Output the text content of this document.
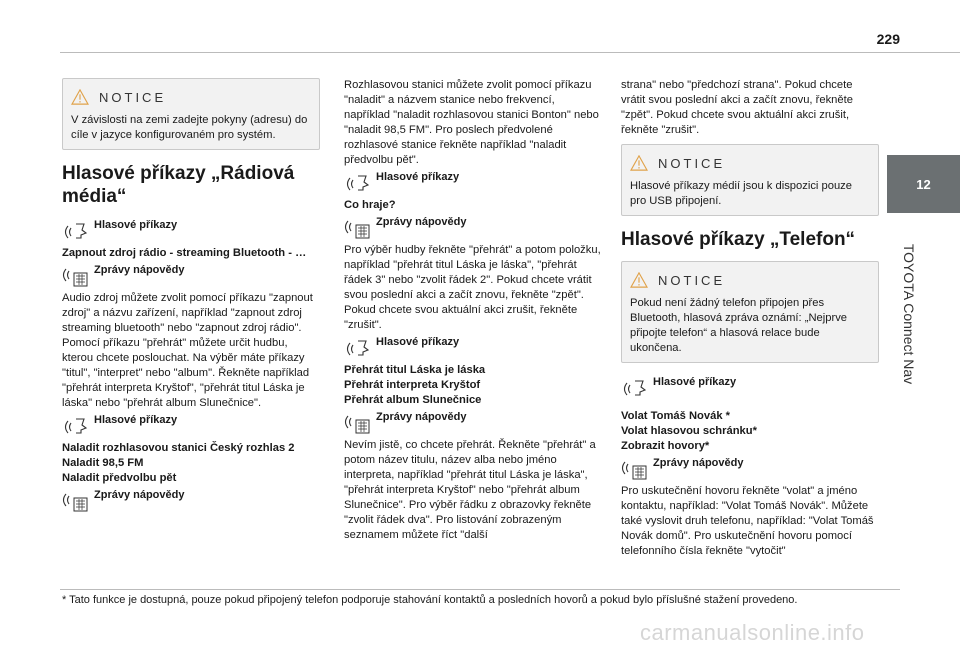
229
12
TOYOTA Connect Nav
NOTICE

V závislosti na zemi zadejte pokyny (adresu) do cíle v jazyce konfigurovaném pro systém.

Hlasové příkazy „Rádiová média“
Hlasové příkazy

Zapnout zdroj rádio - streaming Bluetooth - …

Zprávy nápovědy

Audio zdroj můžete zvolit pomocí příkazu "zapnout zdroj" a názvu zařízení, například "zapnout zdroj streaming bluetooth" nebo "zapnout zdroj rádio". Pomocí příkazu "přehrát" můžete určit hudbu, kterou chcete poslouchat. Na výběr máte příkazy "titul", "interpret" nebo "album". Řekněte například "přehrát interpreta Kryštof", "přehrát titul Láska je láska" nebo "přehrát album Slunečnice".

Hlasové příkazy

Naladit rozhlasovou stanici Český rozhlas 2

Naladit 98,5 FM

Naladit předvolbu pět

Zprávy nápovědy

Rozhlasovou stanici můžete zvolit pomocí příkazu "naladit" a názvem stanice nebo frekvencí, například "naladit rozhlasovou stanici Bonton" nebo "naladit 98,5 FM". Pro poslech předvolené rozhlasové stanice řekněte například "naladit předvolbu pět".

Hlasové příkazy

Co hraje?

Zprávy nápovědy

Pro výběr hudby řekněte "přehrát" a potom položku, například "přehrát titul Láska je láska", "přehrát řádek 3" nebo "zvolit řádek 2". Pokud chcete vrátit svou poslední akci a začít znovu, řekněte "zpět". Pokud chcete svou aktuální akci zrušit, řekněte "zrušit".

Hlasové příkazy

Přehrát titul Láska je láska

Přehrát interpreta Kryštof

Přehrát album Slunečnice

Zprávy nápovědy

Nevím jistě, co chcete přehrát. Řekněte "přehrát" a potom název titulu, název alba nebo jméno interpreta, například "přehrát titul Láska je láska", "přehrát interpreta Kryštof" nebo "přehrát album Slunečnice". Pro výběr řádku z obrazovky řekněte "zvolit řádek dva". Pro listování zobrazeným seznamem můžete říct "další

strana" nebo "předchozí strana". Pokud chcete vrátit svou poslední akci a začít znovu, řekněte "zpět". Pokud chcete svou aktuální akci zrušit, řekněte "zrušit".

NOTICE

Hlasové příkazy médií jsou k dispozici pouze pro USB připojení.

Hlasové příkazy „Telefon“
NOTICE

Pokud není žádný telefon připojen přes Bluetooth, hlasová zpráva oznámí: „Nejprve připojte telefon“ a hlasová relace bude ukončena.

Hlasové příkazy

Volat Tomáš Novák *

Volat hlasovou schránku*

Zobrazit hovory*

Zprávy nápovědy

Pro uskutečnění hovoru řekněte "volat" a jméno kontaktu, například: "Volat Tomáš Novák". Můžete také vyslovit druh telefonu, například: "Volat Tomáš Novák domů". Pro uskutečnění hovoru pomocí telefonního čísla řekněte "vytočit"

* Tato funkce je dostupná, pouze pokud připojený telefon podporuje stahování kontaktů a posledních hovorů a pokud bylo příslušné stažení provedeno.
carmanualsonline.info
